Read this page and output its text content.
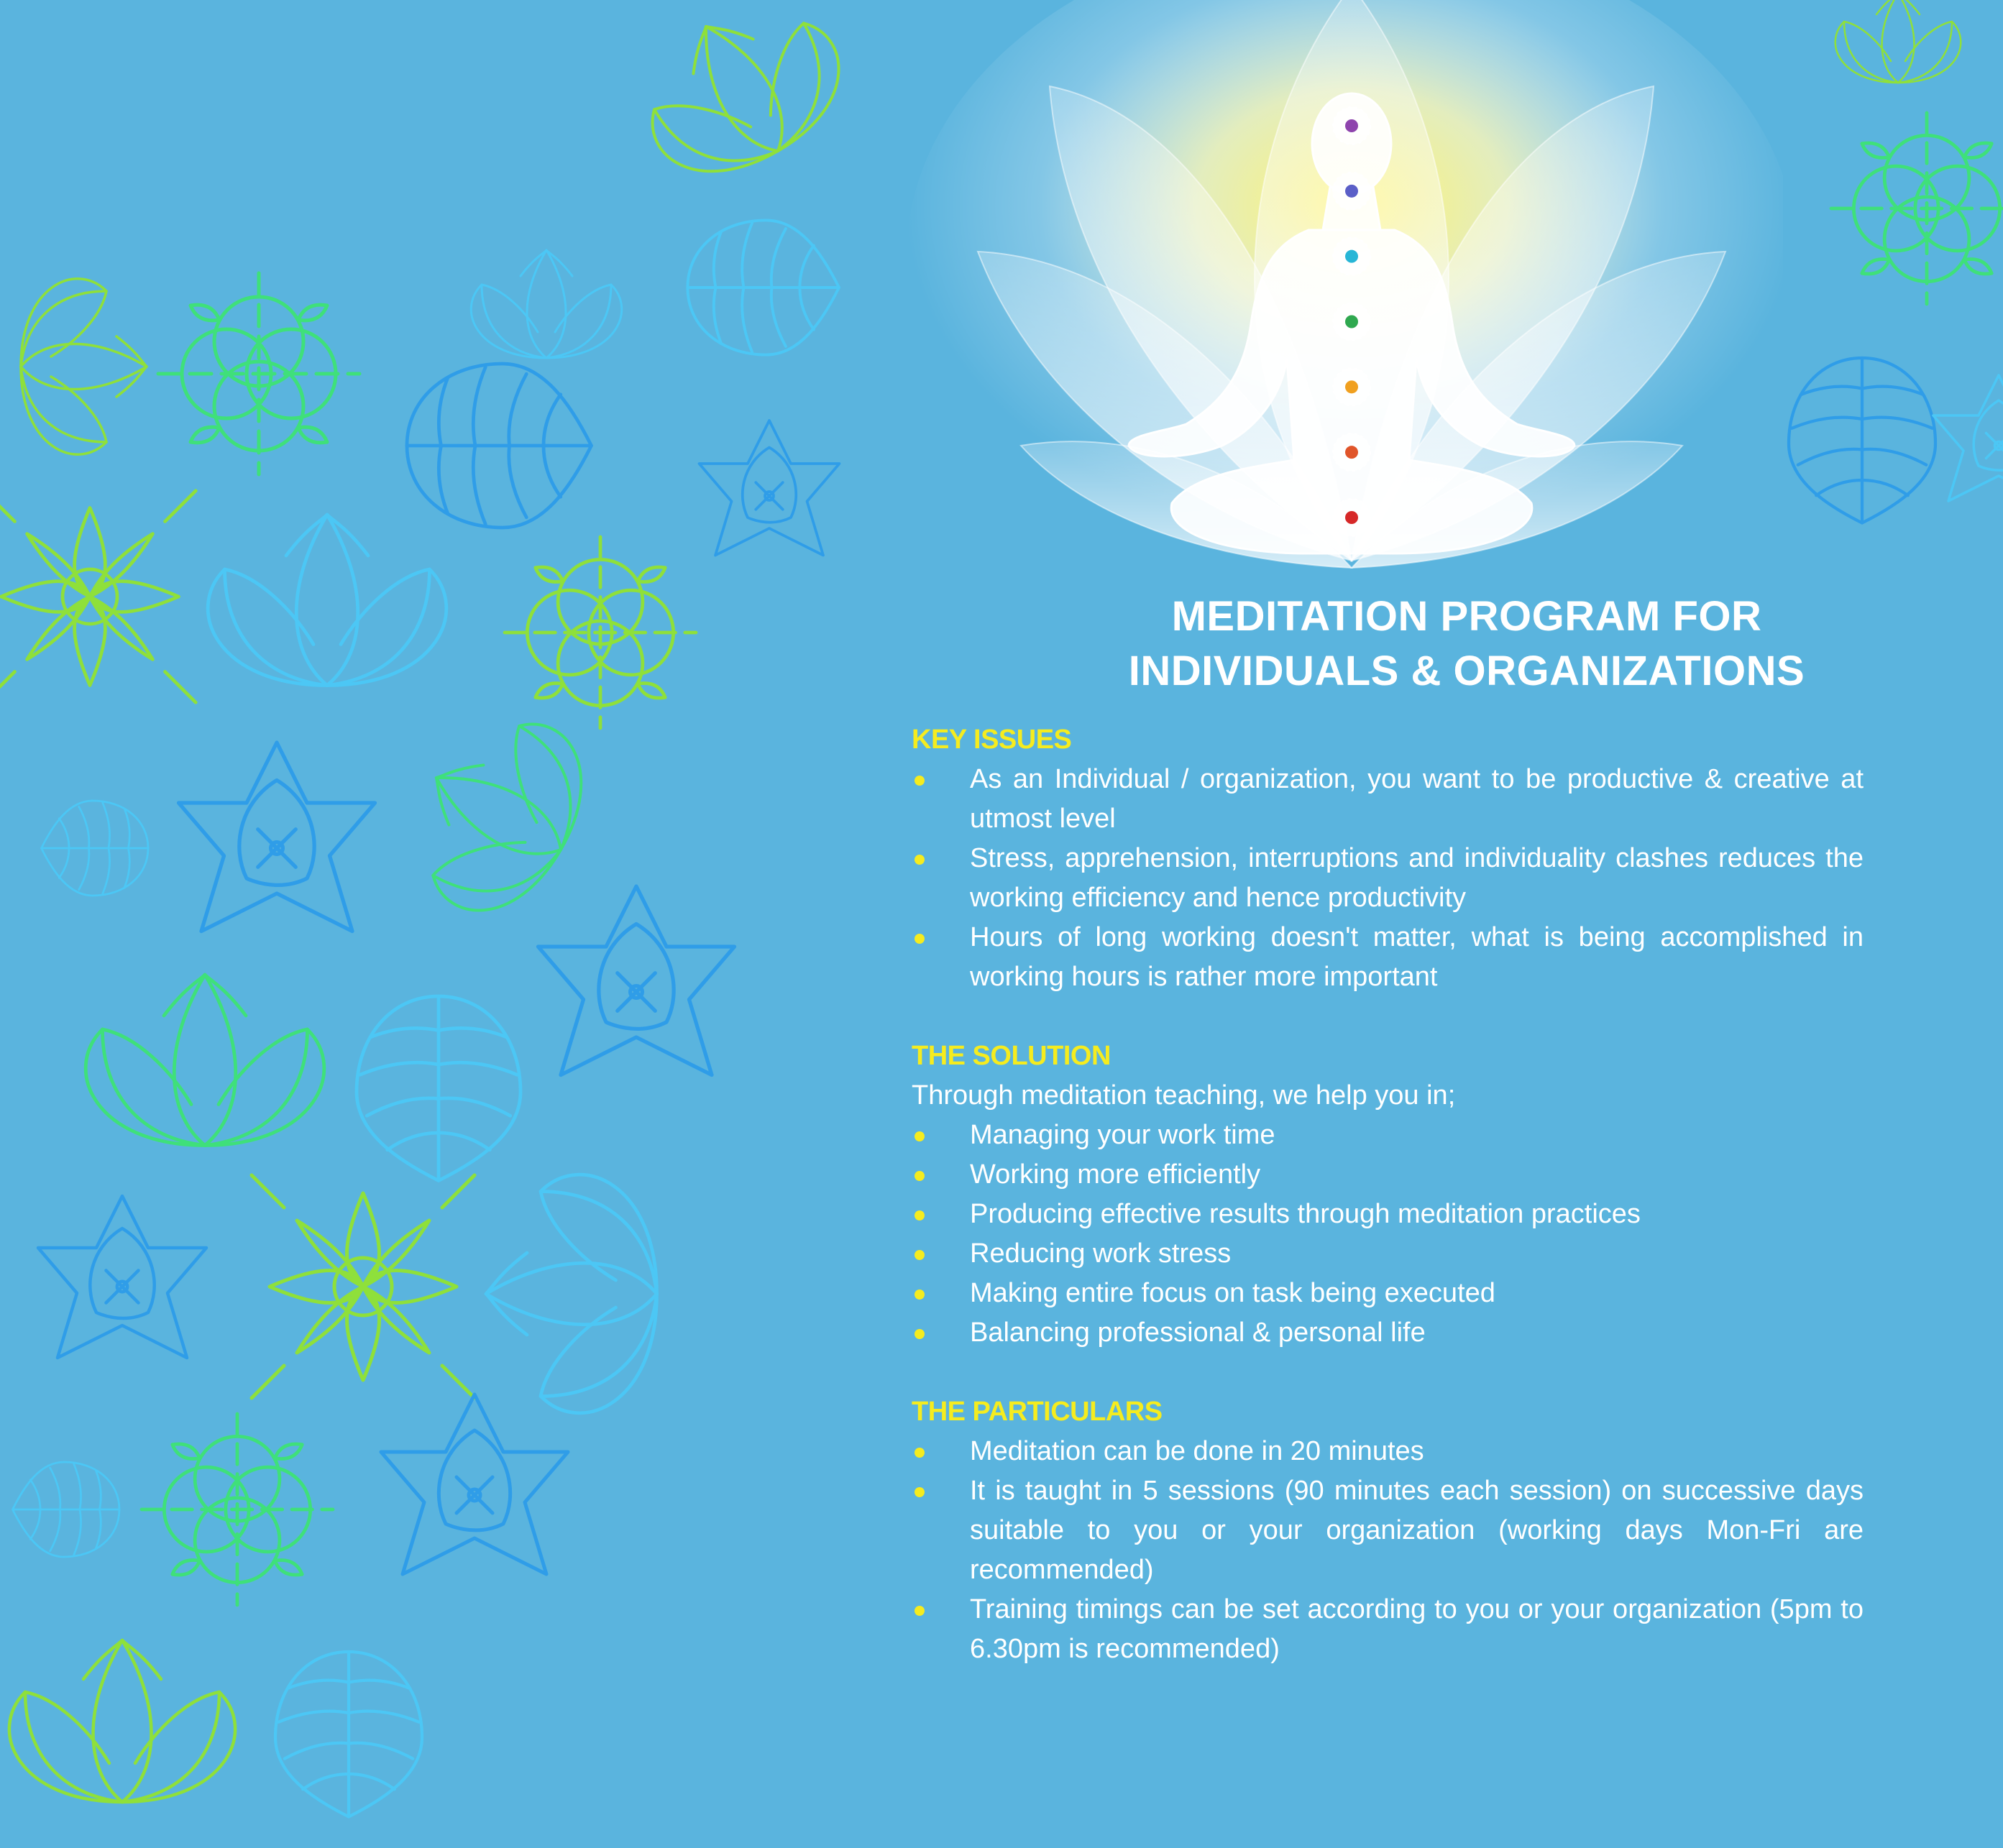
MEDITATION PROGRAM FOR
INDIVIDUALS & ORGANIZATIONS

KEY ISSUES

As an Individual / organization, you want to be productive & creative at utmost level
Stress, apprehension, interruptions and individuality clashes reduces the working efficiency and hence productivity
Hours of long working doesn't matter, what is being accomplished in working hours is rather more important

THE SOLUTION

Through meditation teaching, we help you in;

Managing your work time
Working more efficiently
Producing effective results through meditation practices
Reducing work stress
Making entire focus on task being executed
Balancing professional & personal life

THE PARTICULARS

Meditation can be done in 20 minutes
It is taught in 5 sessions (90 minutes each session) on successive days suitable to you or your organization (working days Mon-Fri are recommended)
Training timings can be set according to you or your organization (5pm to 6.30pm is recommended)
